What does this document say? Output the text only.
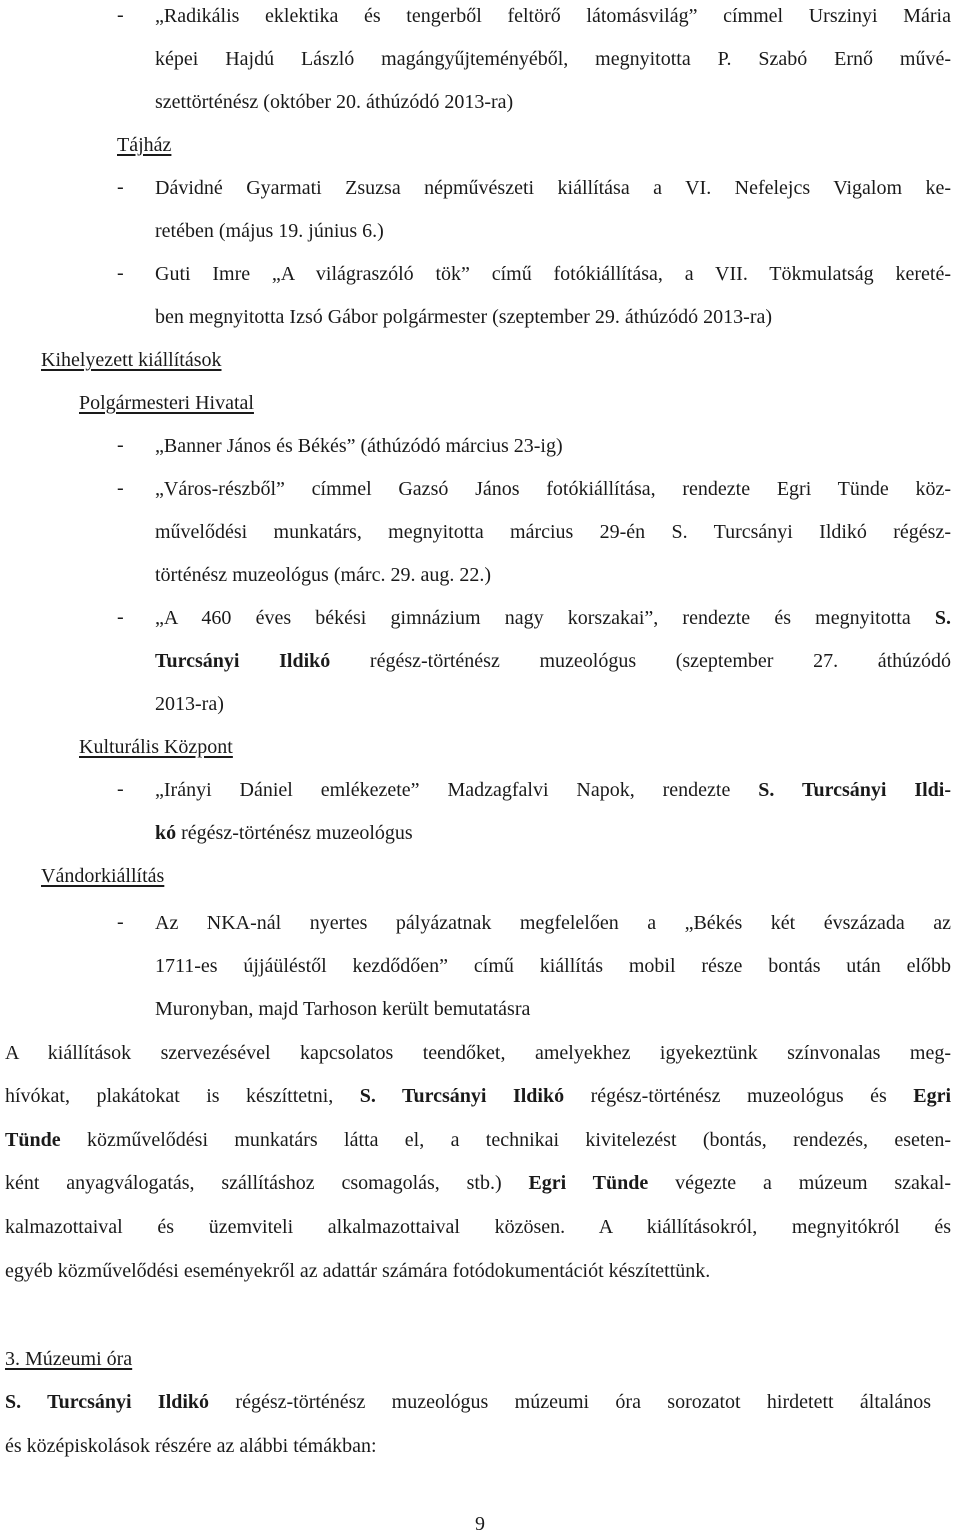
- „Radikális eklektika és tengerből feltörő látomásvilág” címmel Urszinyi Mária
képei Hajdú László magángyűjteményéből, megnyitotta P. Szabó Ernő művé-
szettörténész (október 20. áthúzódó 2013-ra)
Tájház
- Dávidné Gyarmati Zsuzsa népművészeti kiállítása a VI. Nefelejcs Vigalom ke-
retében (május 19. június 6.)
- Guti Imre „A világraszóló tök” című fotókiállítása, a VII. Tökmulatság kereté-
ben megnyitotta Izsó Gábor polgármester (szeptember 29. áthúzódó 2013-ra)
Kihelyezett kiállítások
Polgármesteri Hivatal
- „Banner János és Békés” (áthúzódó március 23-ig)
- „Város-részből” címmel Gazsó János fotókiállítása, rendezte Egri Tünde köz-
művelődési munkatárs, megnyitotta március 29-én S. Turcsányi Ildikó régész-
történész muzeológus (márc. 29. aug. 22.)
- „A 460 éves békési gimnázium nagy korszakai”, rendezte és megnyitotta S.
Turcsányi Ildikó régész-történész muzeológus (szeptember 27. áthúzódó
2013-ra)
Kulturális Központ
- „Irányi Dániel emlékezete” Madzagfalvi Napok, rendezte S. Turcsányi Ildi-
kó régész-történész muzeológus
Vándorkiállítás
- Az NKA-nál nyertes pályázatnak megfelelően a „Békés két évszázada az
1711-es újjáüléstől kezdődően” című kiállítás mobil része bontás után előbb
Muronyban, majd Tarhoson került bemutatásra
A kiállítások szervezésével kapcsolatos teendőket, amelyekhez igyekeztünk színvonalas meg-
hívókat, plakátokat is készíttetni, S. Turcsányi Ildikó régész-történész muzeológus és Egri
Tünde közművelődési munkatárs látta el, a technikai kivitelezést (bontás, rendezés, eseten-
ként anyagválogatás, szállításhoz csomagolás, stb.) Egri Tünde végezte a múzeum szakal-
kalmazottaival és üzemviteli alkalmazottaival közösen. A kiállításokról, megnyitókról és
egyéb közművelődési eseményekről az adattár számára fotódokumentációt készítettünk.
3. Múzeumi óra
S. Turcsányi Ildikó régész-történész muzeológus múzeumi óra sorozatot hirdetett általános
és középiskolások részére az alábbi témákban:
9
